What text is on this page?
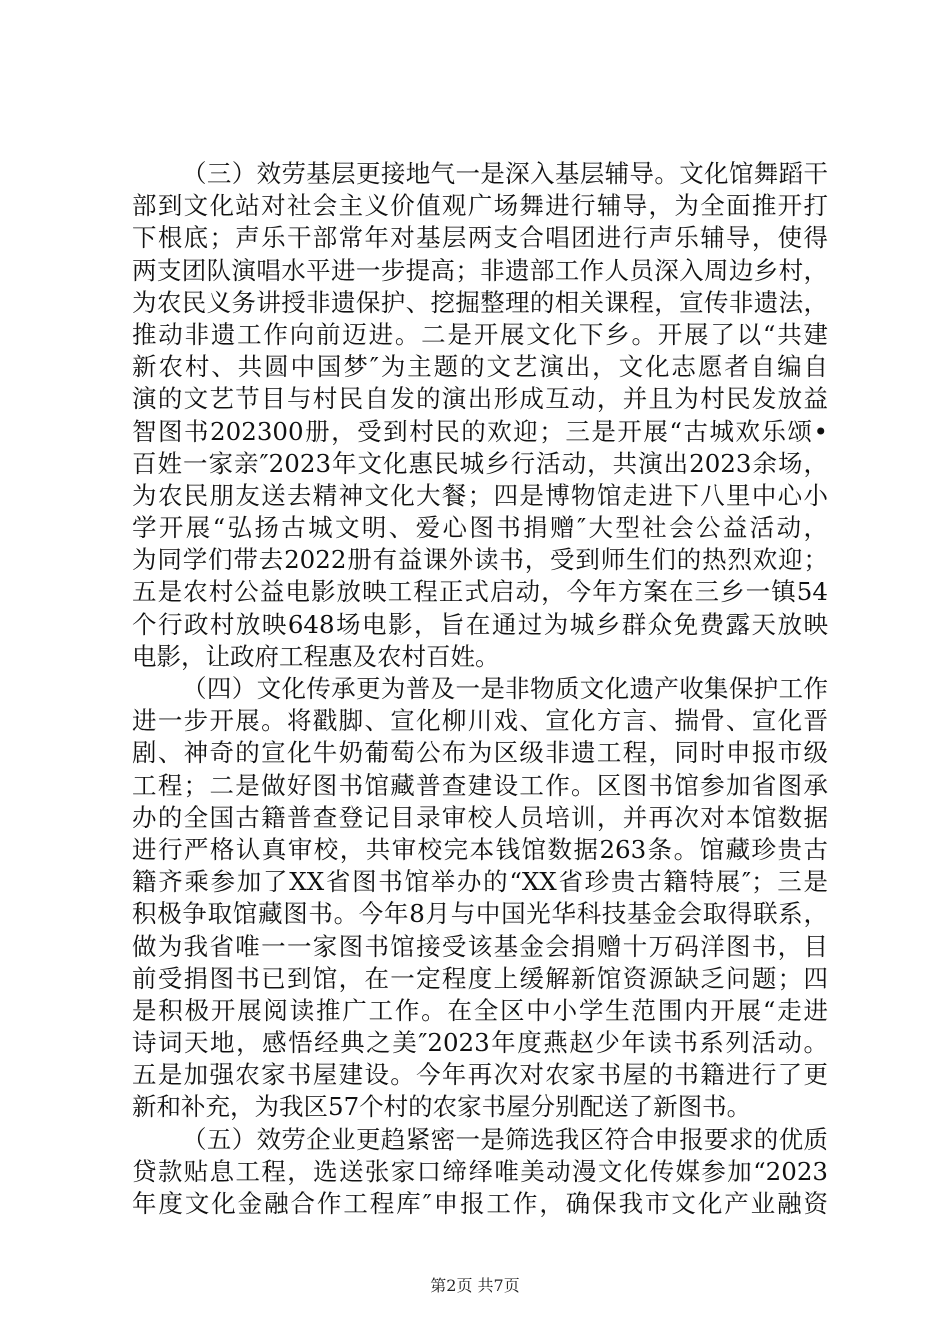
（三）效劳基层更接地气一是深入基层辅导。文化馆舞蹈干
部到文化站对社会主义价值观广场舞进行辅导，为全面推开打
下根底；声乐干部常年对基层两支合唱团进行声乐辅导，使得
两支团队演唱水平进一步提高；非遗部工作人员深入周边乡村，
为农民义务讲授非遗保护、挖掘整理的相关课程，宣传非遗法，
推动非遗工作向前迈进。二是开展文化下乡。开展了以“共建
新农村、共圆中国梦″为主题的文艺演出，文化志愿者自编自
演的文艺节目与村民自发的演出形成互动，并且为村民发放益
智图书202300册，受到村民的欢迎；三是开展“古城欢乐颂•
百姓一家亲″2023年文化惠民城乡行活动，共演出2023余场，
为农民朋友送去精神文化大餐；四是博物馆走进下八里中心小
学开展“弘扬古城文明、爱心图书捐赠″大型社会公益活动，
为同学们带去2022册有益课外读书，受到师生们的热烈欢迎；
五是农村公益电影放映工程正式启动，今年方案在三乡一镇54
个行政村放映648场电影，旨在通过为城乡群众免费露天放映
电影，让政府工程惠及农村百姓。
（四）文化传承更为普及一是非物质文化遗产收集保护工作
进一步开展。将戳脚、宣化柳川戏、宣化方言、揣骨、宣化晋
剧、神奇的宣化牛奶葡萄公布为区级非遗工程，同时申报市级
工程；二是做好图书馆藏普查建设工作。区图书馆参加省图承
办的全国古籍普查登记目录审校人员培训，并再次对本馆数据
进行严格认真审校，共审校完本钱馆数据263条。馆藏珍贵古
籍齐乘参加了XX省图书馆举办的“XX省珍贵古籍特展″；三是
积极争取馆藏图书。今年8月与中国光华科技基金会取得联系，
做为我省唯一一家图书馆接受该基金会捐赠十万码洋图书，目
前受捐图书已到馆，在一定程度上缓解新馆资源缺乏问题；四
是积极开展阅读推广工作。在全区中小学生范围内开展“走进
诗词天地，感悟经典之美″2023年度燕赵少年读书系列活动。
五是加强农家书屋建设。今年再次对农家书屋的书籍进行了更
新和补充，为我区57个村的农家书屋分别配送了新图书。
（五）效劳企业更趋紧密一是筛选我区符合申报要求的优质
贷款贴息工程，选送张家口缔绎唯美动漫文化传媒参加“2023
年度文化金融合作工程库″申报工作，确保我市文化产业融资
第2页 共7页
